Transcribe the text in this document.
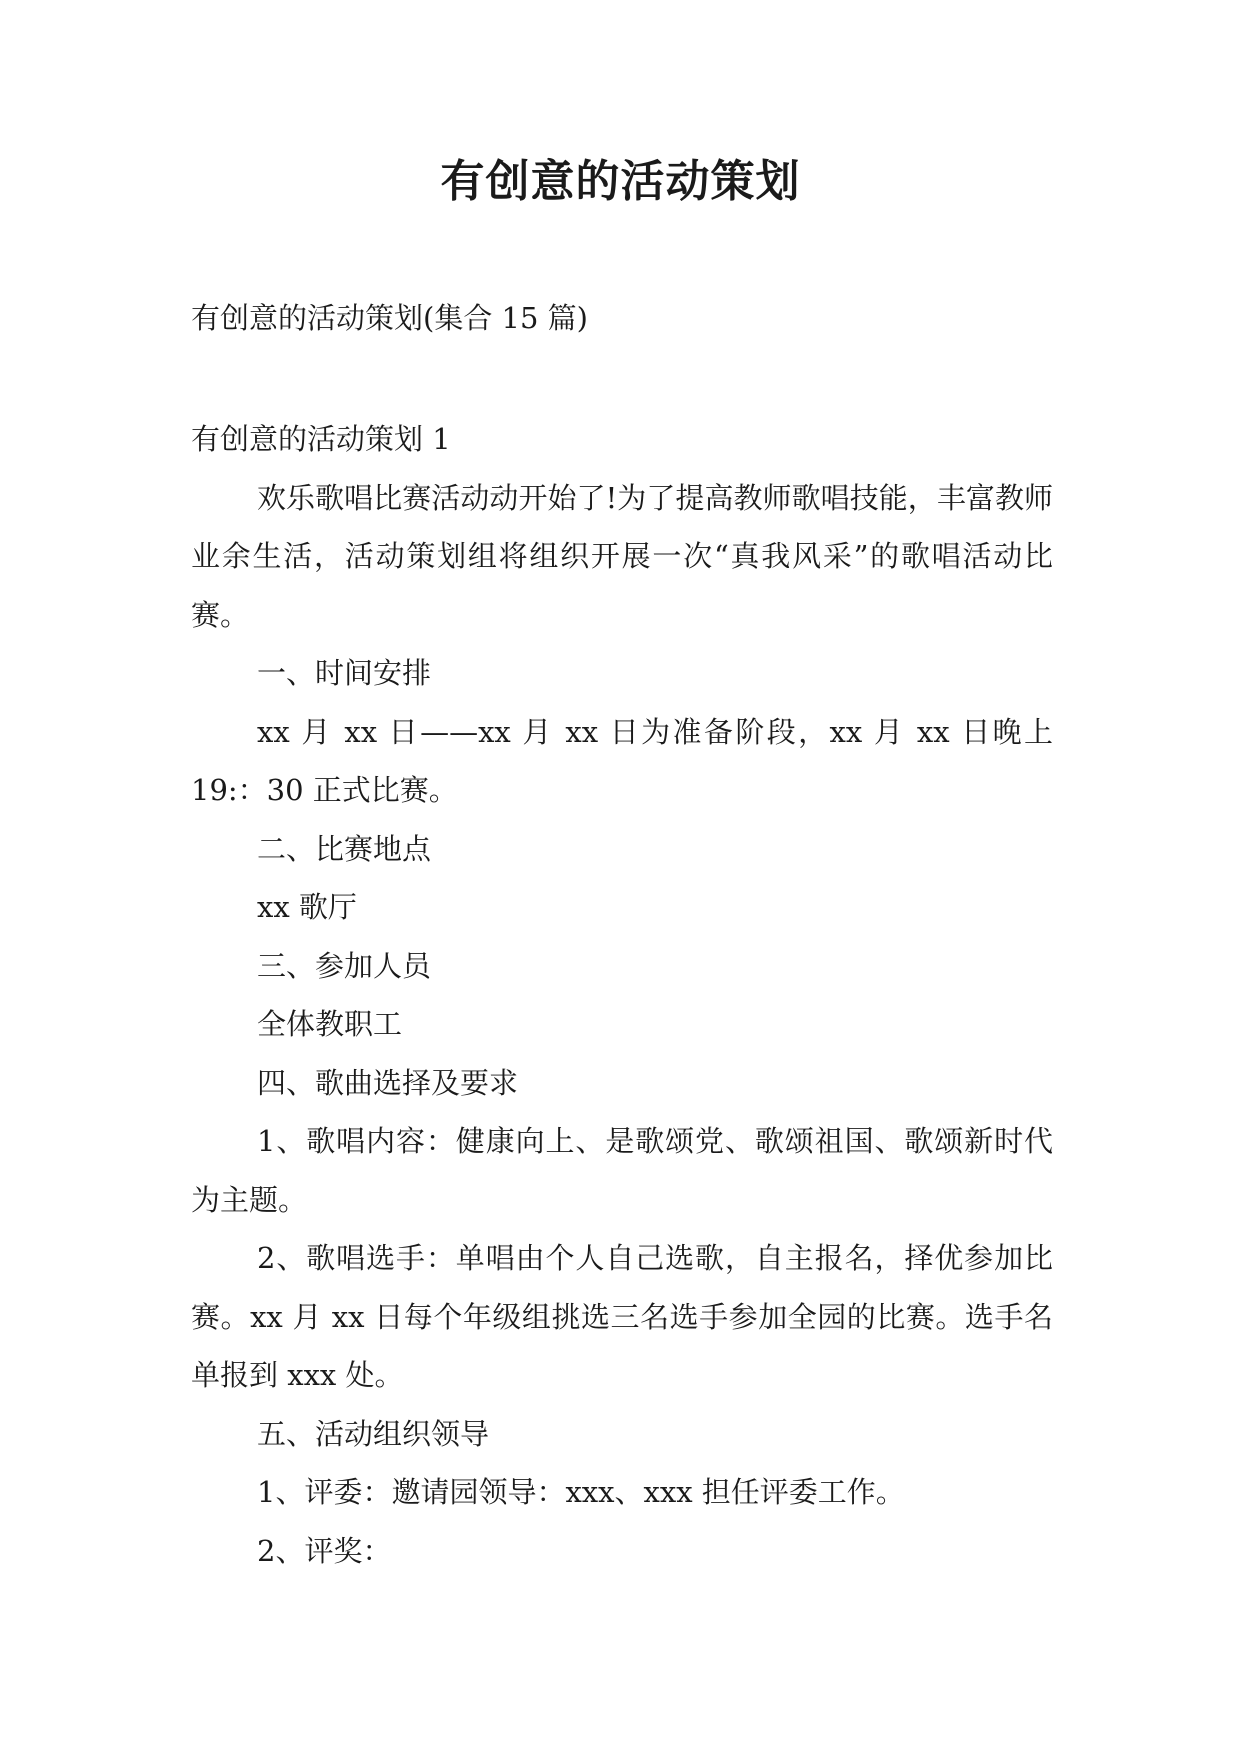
有创意的活动策划
有创意的活动策划(集合 15 篇)

有创意的活动策划 1

欢乐歌唱比赛活动动开始了!为了提高教师歌唱技能，丰富教师业余生活，活动策划组将组织开展一次“真我风采”的歌唱活动比赛。

一、时间安排

xx 月 xx 日——xx 月 xx 日为准备阶段，xx 月 xx 日晚上 19:：30 正式比赛。

二、比赛地点

xx 歌厅

三、参加人员

全体教职工

四、歌曲选择及要求

1、歌唱内容：健康向上、是歌颂党、歌颂祖国、歌颂新时代为主题。

2、歌唱选手：单唱由个人自己选歌，自主报名，择优参加比赛。xx 月 xx 日每个年级组挑选三名选手参加全园的比赛。选手名单报到 xxx 处。

五、活动组织领导

1、评委：邀请园领导：xxx、xxx 担任评委工作。

2、评奖：
